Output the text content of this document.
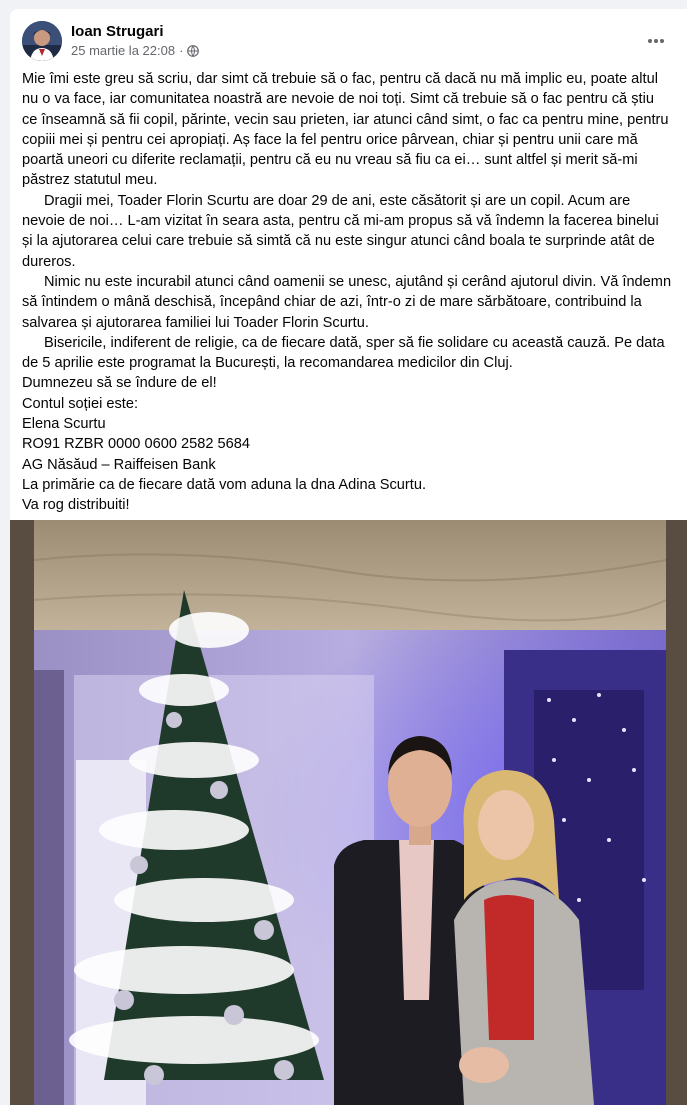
Ioan Strugari
25 martie la 22:08 ·

Mie îmi este greu să scriu, dar simt că trebuie să o fac, pentru că dacă nu mă implic eu, poate altul nu o va face, iar comunitatea noastră are nevoie de noi toți. Simt că trebuie să o fac pentru că știu ce înseamnă să fii copil, părinte, vecin sau prieten, iar atunci când simt, o fac ca pentru mine, pentru copiii mei și pentru cei apropiați. Aș face la fel pentru orice pârvean, chiar și pentru unii care mă poartă uneori cu diferite reclamații, pentru că eu nu vreau să fiu ca ei… sunt altfel și merit să-mi păstrez statutul meu.

Dragii mei, Toader Florin Scurtu are doar 29 de ani, este căsătorit și are un copil. Acum are nevoie de noi… L-am vizitat în seara asta, pentru că mi-am propus să vă îndemn la facerea binelui și la ajutorarea celui care trebuie să simtă că nu este singur atunci când boala te surprinde atât de dureros.

Nimic nu este incurabil atunci când oamenii se unesc, ajutând și cerând ajutorul divin. Vă îndemn să întindem o mână deschisă, începând chiar de azi, într-o zi de mare sărbătoare, contribuind la salvarea și ajutorarea familiei lui Toader Florin Scurtu.

Bisericile, indiferent de religie, ca de fiecare dată, sper să fie solidare cu această cauză. Pe data de 5 aprilie este programat la București, la recomandarea medicilor din Cluj.

Dumnezeu să se îndure de el!

Contul soției este:

Elena Scurtu

RO91 RZBR 0000 0600 2582 5684

AG Năsăud – Raiffeisen Bank

La primărie ca de fiecare dată vom aduna la dna Adina Scurtu.

Va rog distribuiti!
